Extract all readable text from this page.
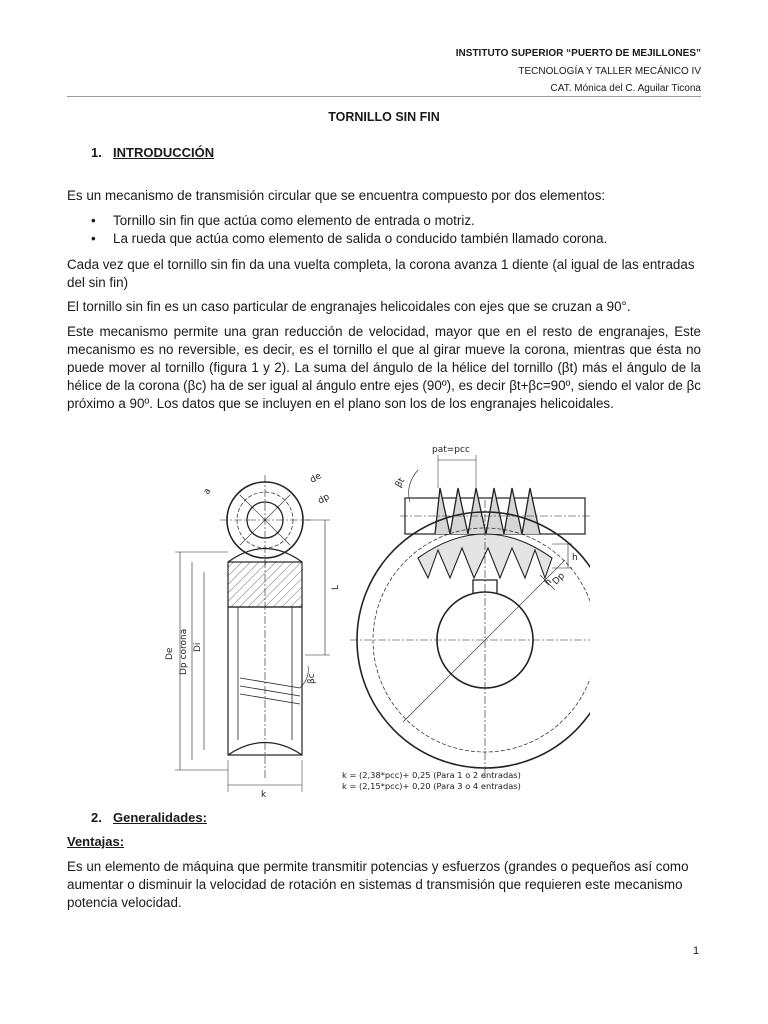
INSTITUTO SUPERIOR “PUERTO DE MEJILLONES”
TECNOLOGÍA Y TALLER MECÁNICO IV
CAT. Mónica del C. Aguilar Ticona
TORNILLO SIN FIN
1. INTRODUCCIÓN
Es un mecanismo de transmisión circular que se encuentra compuesto por dos elementos:
• Tornillo sin fin que actúa como elemento de entrada o motriz.
• La rueda que actúa como elemento de salida o conducido también llamado corona.
Cada vez que el tornillo sin fin da una vuelta completa, la corona avanza 1 diente (al igual de las entradas del sin fin)
El tornillo sin fin es un caso particular de engranajes helicoidales con ejes que se cruzan a 90°.
Este mecanismo permite una gran reducción de velocidad, mayor que en el resto de engranajes, Este mecanismo es no reversible, es decir, es el tornillo el que al girar mueve la corona, mientras que ésta no puede mover al tornillo (figura 1 y 2). La suma del ángulo de la hélice del tornillo (βt) más el ángulo de la hélice de la corona (βc) ha de ser igual al ángulo entre ejes (90º), es decir βt+βc=90º, siendo el valor de βc próximo a 90º. Los datos que se incluyen en el plano son los de los engranajes helicoidales.
a
de
dp
L
De Dp corona Di
βc
k
pat=pcc
βt
h
h
Dp
k = (2,38*pcc)+ 0,25 (Para 1 o 2 entradas)
k = (2,15*pcc)+ 0,20 (Para 3 o 4 entradas)
2. Generalidades:
Ventajas:
Es un elemento de máquina que permite transmitir potencias y esfuerzos (grandes o pequeños así como aumentar o disminuir la velocidad de rotación en sistemas d transmisión que requieren este mecanismo potencia velocidad.
1
